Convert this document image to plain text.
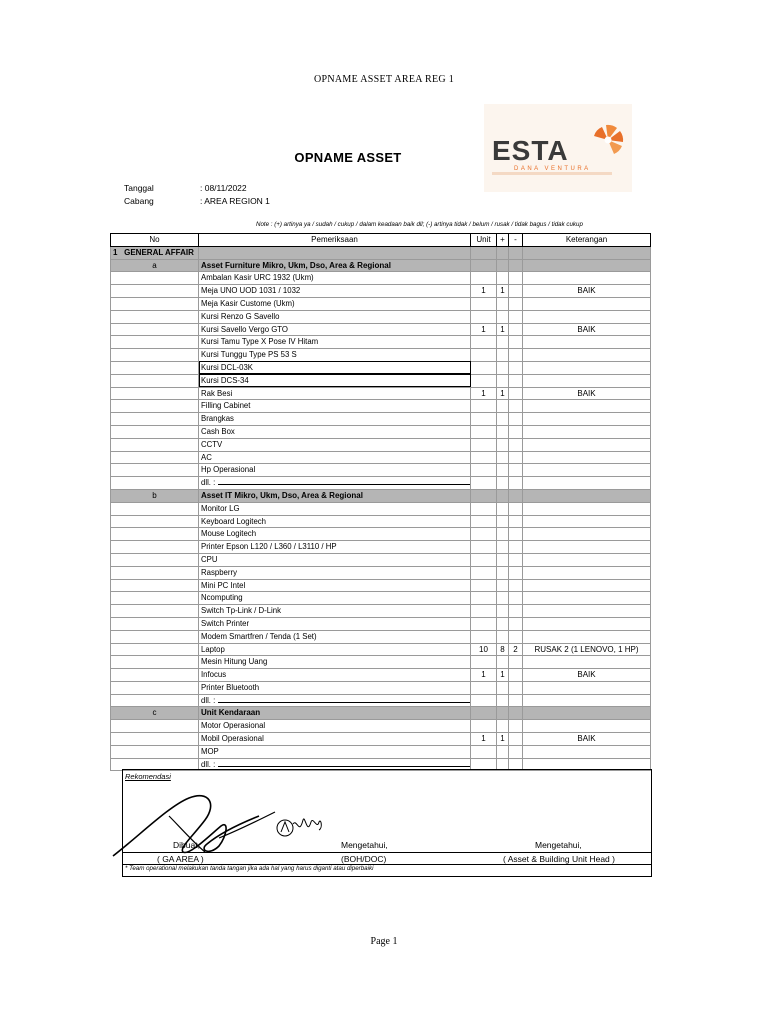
OPNAME ASSET AREA REG 1
ESTA
DANA VENTURA
OPNAME ASSET
Tanggal	: 08/11/2022
Cabang	: AREA REGION 1
Note : (+) artinya ya / sudah / cukup / dalam keadaan baik dll; (-) artinya tidak / belum / rusak / tidak bagus / tidak cukup
No	Pemeriksaan	Unit	+	-	Keterangan
1 GENERAL AFFAIR					
a	Asset Furniture Mikro, Ukm, Dso, Area & Regional				
	Ambalan Kasir URC 1932 (Ukm)				
	Meja UNO UOD 1031 / 1032	1	1		BAIK
	Meja Kasir Custome (Ukm)				
	Kursi Renzo G Savello				
	Kursi Savello Vergo GTO	1	1		BAIK
	Kursi Tamu Type X Pose IV Hitam				
	Kursi Tunggu Type PS 53 S				
	Kursi DCL-03K				
	Kursi DCS-34				
	Rak Besi	1	1		BAIK
	Filling Cabinet				
	Brangkas				
	Cash Box				
	CCTV				
	AC				
	Hp Operasional				
	dll. :				
b	Asset IT Mikro, Ukm, Dso, Area & Regional				
	Monitor LG				
	Keyboard Logitech				
	Mouse Logitech				
	Printer Epson L120 / L360 / L3110 / HP				
	CPU				
	Raspberry				
	Mini PC Intel				
	Ncomputing				
	Switch Tp-Link / D-Link				
	Switch Printer				
	Modem Smartfren / Tenda (1 Set)				
	Laptop	10	8	2	RUSAK 2 (1 LENOVO, 1 HP)
	Mesin Hitung Uang				
	Infocus	1	1		BAIK
	Printer Bluetooth				
	dll. :				
c	Unit Kendaraan				
	Motor Operasional				
	Mobil Operasional	1	1		BAIK
	MOP				
	dll. :				
Rekomendasi
Dibuat,	Mengetahui,	Mengetahui,
( GA AREA )	(BOH/DOC)	( Asset & Building Unit Head )
* Team operational melakukan tanda tangan jika ada hal yang harus diganti atau diperbaiki
Page 1
